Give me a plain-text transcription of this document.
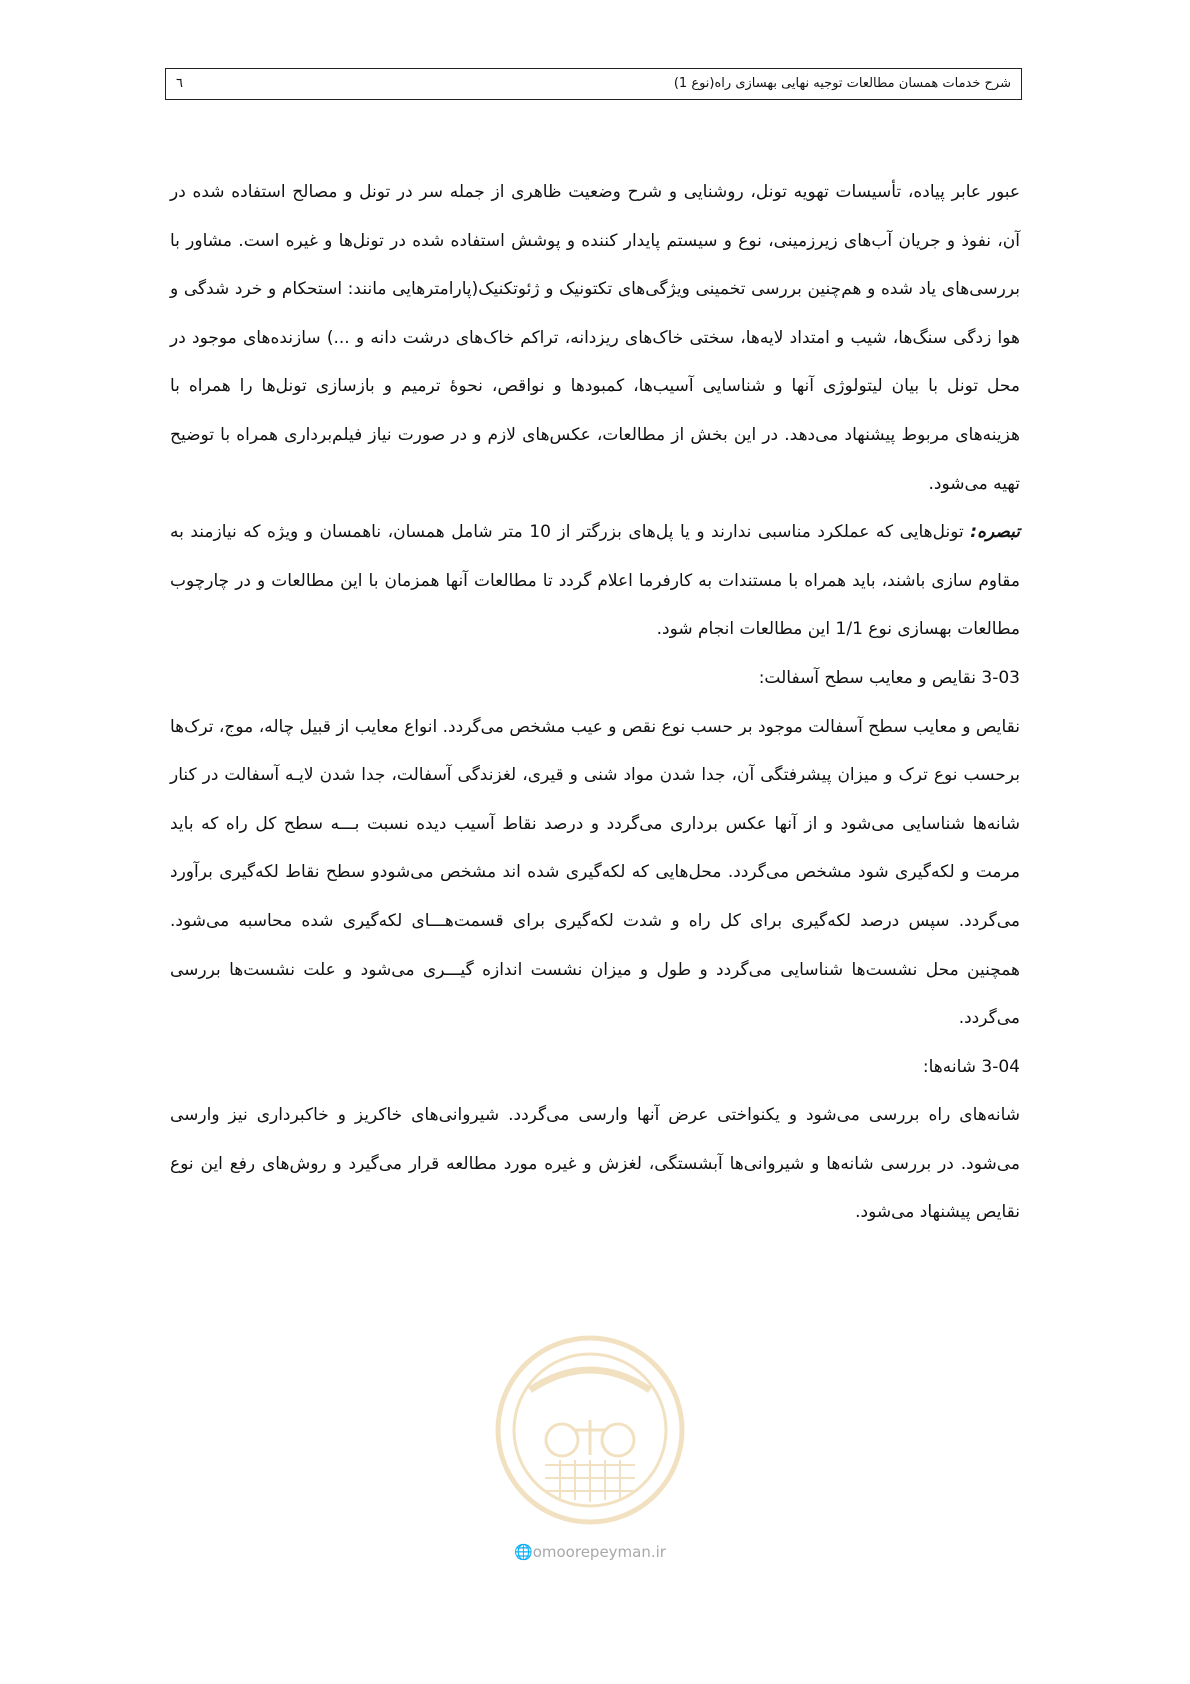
شرح خدمات همسان مطالعات توجیه نهایی بهسازی راه(نوع 1)
٦

عبور عابر پیاده، تأسیسات تهویه تونل، روشنایی و شرح وضعیت ظاهری از جمله سر در تونل و مصالح استفاده شده در آن، نفوذ و جریان آب‌های زیرزمینی، نوع و سیستم پایدار کننده و پوشش استفاده شده در تونل‌ها و غیره است. مشاور با بررسی‌های یاد شده و هم‌چنین بررسی تخمینی ویژگی‌های تکتونیک و ژئوتکنیک(پارامترهایی مانند: استحکام و خرد شدگی و هوا زدگی سنگ‌ها، شیب و امتداد لایه‌ها، سختی خاک‌های ریزدانه، تراکم خاک‌های درشت دانه و ...) سازنده‌های موجود در محل تونل با بیان لیتولوژی آنها و شناسایی آسیب‌ها، کمبودها و نواقص، نحوۀ ترمیم و بازسازی تونل‌ها را همراه با هزینه‌های مربوط پیشنهاد می‌دهد. در این بخش از مطالعات، عکس‌های لازم و در صورت نیاز فیلم‌برداری همراه با توضیح تهیه می‌شود.

تبصره: تونل‌هایی که عملکرد مناسبی ندارند و یا پل‌های بزرگتر از 10 متر شامل همسان، ناهمسان و ویژه که نیازمند به مقاوم سازی باشند، باید همراه با مستندات به کارفرما اعلام گردد تا مطالعات آنها همزمان با این مطالعات و در چارچوب مطالعات بهسازی نوع 1/1 این مطالعات انجام شود.

3-03 نقایص و معایب سطح آسفالت:

نقایص و معایب سطح آسفالت موجود بر حسب نوع نقص و عیب مشخص می‌گردد. انواع معایب از قبیل چاله، موج، ترک‌ها برحسب نوع ترک و میزان پیشرفتگی آن، جدا شدن مواد شنی و قیری، لغزندگی آسفالت، جدا شدن لایـه آسفالت در کنار شانه‌ها شناسایی می‌شود و از آنها عکس برداری می‌گردد و درصد نقاط آسیب دیده نسبت بـــه سطح کل راه که باید مرمت و لکه‌گیری شود مشخص می‌گردد. محل‌هایی که لکه‌گیری شده اند مشخص می‌شودو سطح نقاط لکه‌گیری برآورد می‌گردد. سپس درصد لکه‌گیری برای کل راه و شدت لکه‌گیری برای قسمت‌هـــای لکه‌گیری شده محاسبه می‌شود. همچنین محل نشست‌ها شناسایی می‌گردد و طول و میزان نشست اندازه گیـــری می‌شود و علت نشست‌ها بررسی می‌گردد.

3-04 شانه‌ها:

شانه‌های راه بررسی می‌شود و یکنواختی عرض آنها وارسی می‌گردد. شیروانی‌های خاکریز و خاکبرداری نیز وارسی می‌شود. در بررسی شانه‌ها و شیروانی‌ها آبشستگی، لغزش و غیره مورد مطالعه قرار می‌گیرد و روش‌های رفع این نوع نقایص پیشنهاد می‌شود.

🌐omoorepeyman.ir
